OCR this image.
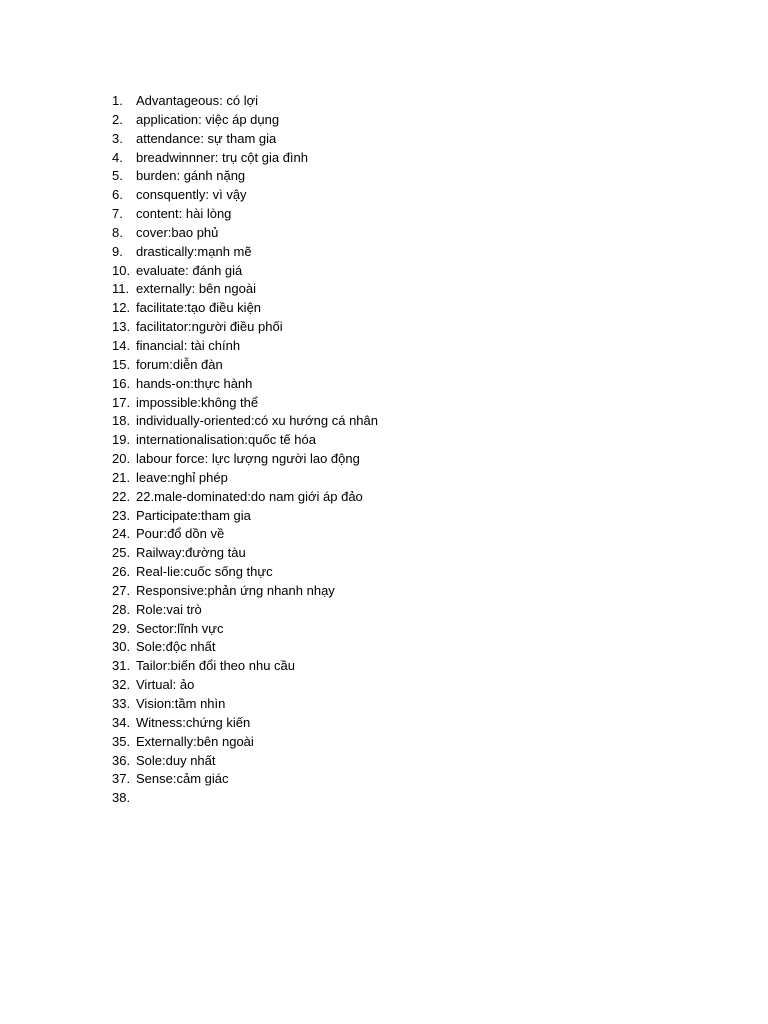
1.	Advantageous: có lợi
2.	application: việc áp dụng
3.	attendance: sự tham gia
4.	breadwinnner: trụ cột gia đình
5.	burden: gánh nặng
6.	consquently: vì vậy
7.	content: hài lòng
8.	cover:bao phủ
9.	drastically:mạnh mẽ
10. evaluate: đánh giá
11. externally: bên ngoài
12. facilitate:tạo điều kiện
13. facilitator:người điều phối
14. financial: tài chính
15. forum:diễn đàn
16. hands-on:thực hành
17. impossible:không thể
18. individually-oriented:có xu hướng cá nhân
19. internationalisation:quốc tế hóa
20. labour force: lực lượng người lao động
21. leave:nghỉ phép
22. 22.male-dominated:do nam giới áp đảo
23. Participate:tham gia
24. Pour:đổ dồn về
25. Railway:đường tàu
26. Real-lie:cuốc sống thực
27. Responsive:phản ứng nhanh nhạy
28. Role:vai trò
29. Sector:lĩnh vực
30. Sole:độc nhất
31. Tailor:biến đổi theo nhu cầu
32. Virtual: ảo
33. Vision:tầm nhìn
34. Witness:chứng kiến
35. Externally:bên ngoài
36. Sole:duy nhất
37. Sense:cảm giác
38.
